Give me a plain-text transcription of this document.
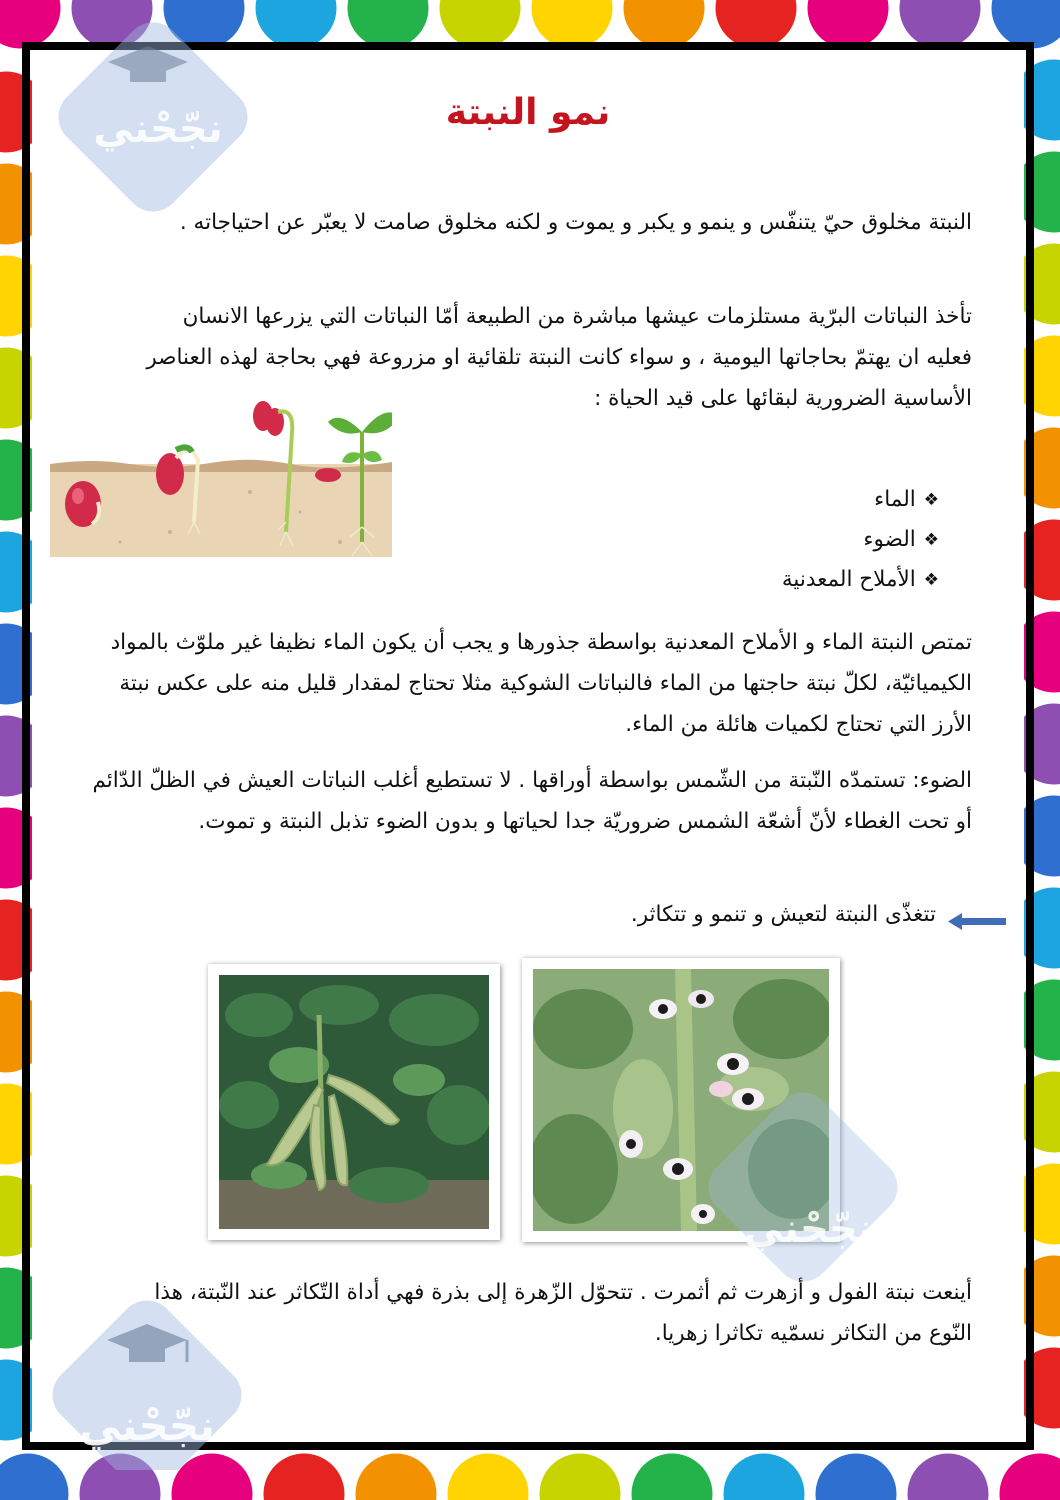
نجّحْني	نمو النبتة

النبتة مخلوق حيّ يتنفّس و ينمو و يكبر و يموت و لكنه مخلوق صامت لا يعبّر عن احتياجاته .

تأخذ النباتات البرّية مستلزمات عيشها مباشرة من الطبيعة أمّا النباتات التي يزرعها الانسان فعليه ان يهتمّ بحاجاتها اليومية ، و سواء كانت النبتة تلقائية او مزروعة فهي بحاجة لهذه العناصر الأساسية الضرورية لبقائها على قيد الحياة :

❖
الماء
❖
الضوء
❖
الأملاح المعدنية

تمتص النبتة الماء و الأملاح المعدنية بواسطة جذورها و يجب أن يكون الماء نظيفا غير ملوّث بالمواد الكيميائيّة، لكلّ نبتة حاجتها من الماء فالنباتات الشوكية مثلا تحتاج لمقدار قليل منه على عكس نبتة الأرز التي تحتاج لكميات هائلة من الماء.

الضوء: تستمدّه النّبتة من الشّمس بواسطة أوراقها . لا تستطيع أغلب النباتات العيش في الظلّ الدّائم أو تحت الغطاء لأنّ أشعّة الشمس ضروريّة جدا لحياتها و بدون الضوء تذبل النبتة و تموت.

تتغذّى النبتة لتعيش و تنمو و تتكاثر.

نجّحْني

أينعت نبتة الفول و أزهرت ثم أثمرت . تتحوّل الزّهرة إلى بذرة فهي أداة التّكاثر عند النّبتة، هذا النّوع من التكاثر نسمّيه تكاثرا زهريا.

نجّحْني
